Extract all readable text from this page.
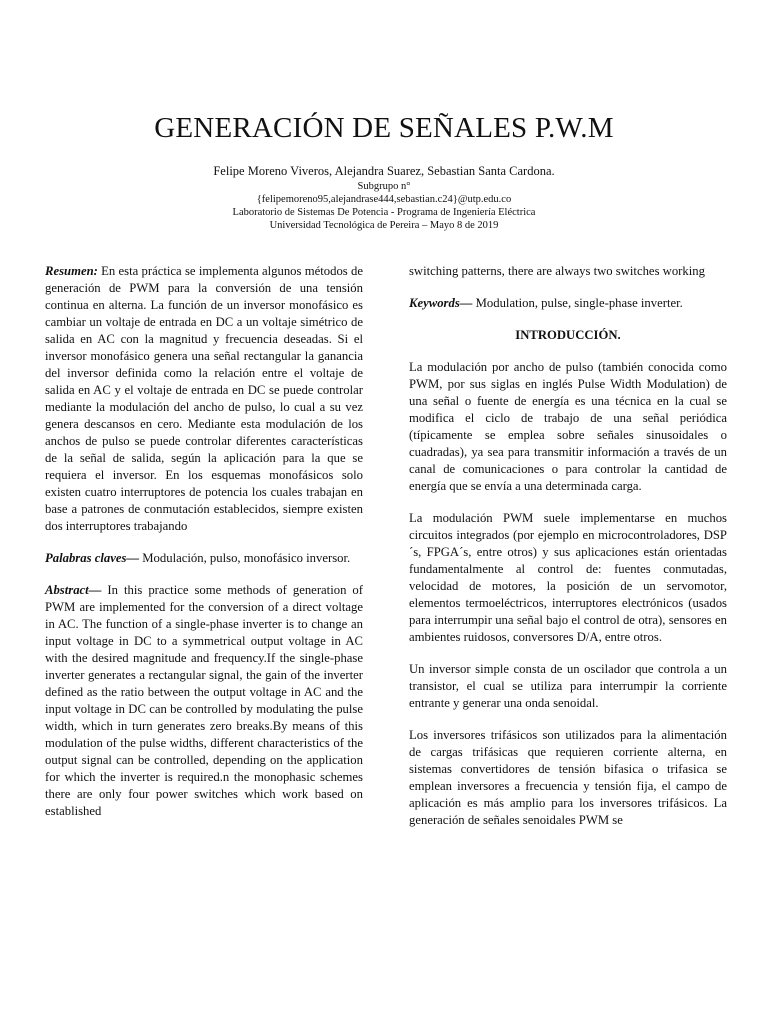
GENERACIÓN DE SEÑALES P.W.M
Felipe Moreno Viveros, Alejandra Suarez, Sebastian Santa Cardona.
Subgrupo n°
{felipemoreno95,alejandrase444,sebastian.c24}@utp.edu.co
Laboratorio de Sistemas De Potencia - Programa de Ingeniería Eléctrica
Universidad Tecnológica de Pereira – Mayo 8 de 2019

Resumen: En esta práctica se implementa algunos métodos de generación de PWM para la conversión de una tensión continua en alterna. La función de un inversor monofásico es cambiar un voltaje de entrada en DC a un voltaje simétrico de salida en AC con la magnitud y frecuencia deseadas. Si el inversor monofásico genera una señal rectangular la ganancia del inversor definida como la relación entre el voltaje de salida en AC y el voltaje de entrada en DC se puede controlar mediante la modulación del ancho de pulso, lo cual a su vez genera descansos en cero. Mediante esta modulación de los anchos de pulso se puede controlar diferentes características de la señal de salida, según la aplicación para la que se requiera el inversor. En los esquemas monofásicos solo existen cuatro interruptores de potencia los cuales trabajan en base a patrones de conmutación establecidos, siempre existen dos interruptores trabajando

Palabras claves— Modulación, pulso, monofásico inversor.

Abstract— In this practice some methods of generation of PWM are implemented for the conversion of a direct voltage in AC. The function of a single-phase inverter is to change an input voltage in DC to a symmetrical output voltage in AC with the desired magnitude and frequency.If the single-phase inverter generates a rectangular signal, the gain of the inverter defined as the ratio between the output voltage in AC and the input voltage in DC can be controlled by modulating the pulse width, which in turn generates zero breaks.By means of this modulation of the pulse widths, different characteristics of the output signal can be controlled, depending on the application for which the inverter is required.n the monophasic schemes there are only four power switches which work based on established

switching patterns, there are always two switches working

Keywords— Modulation, pulse, single-phase inverter.

INTRODUCCIÓN.

La modulación por ancho de pulso (también conocida como PWM, por sus siglas en inglés Pulse Width Modulation) de una señal o fuente de energía es una técnica en la cual se modifica el ciclo de trabajo de una señal periódica (típicamente se emplea sobre señales sinusoidales o cuadradas), ya sea para transmitir información a través de un canal de comunicaciones o para controlar la cantidad de energía que se envía a una determinada carga.

La modulación PWM suele implementarse en muchos circuitos integrados (por ejemplo en microcontroladores, DSP´s, FPGA´s, entre otros) y sus aplicaciones están orientadas fundamentalmente al control de: fuentes conmutadas, velocidad de motores, la posición de un servomotor, elementos termoeléctricos, interruptores electrónicos (usados para interrumpir una señal bajo el control de otra), sensores en ambientes ruidosos, conversores D/A, entre otros.

Un inversor simple consta de un oscilador que controla a un transistor, el cual se utiliza para interrumpir la corriente entrante y generar una onda senoidal.

Los inversores trifásicos son utilizados para la alimentación de cargas trifásicas que requieren corriente alterna, en sistemas convertidores de tensión bifasica o trifasica se emplean inversores a frecuencia y tensión fija, el campo de aplicación es más amplio para los inversores trifásicos. La generación de señales senoidales PWM se
